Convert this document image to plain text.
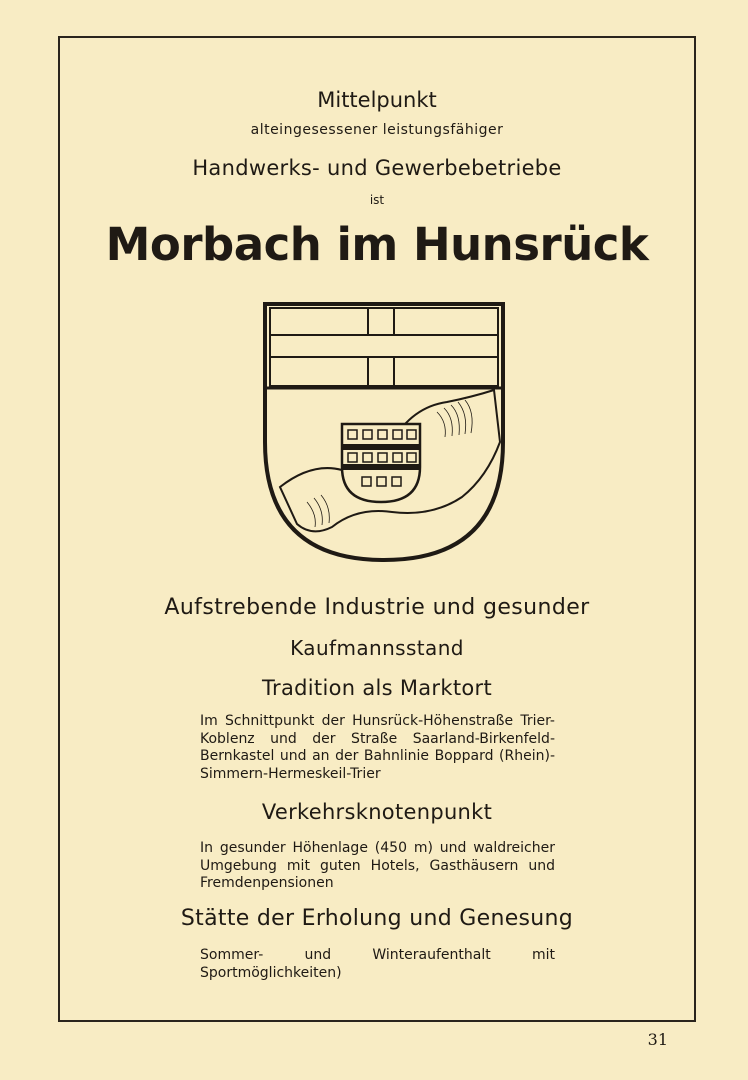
Mittelpunkt
alteingesessener leistungsfähiger
Handwerks- und Gewerbebetriebe
ist
Morbach im Hunsrück
Aufstrebende Industrie und gesunder
Kaufmannsstand
Tradition als Marktort
Im Schnittpunkt der Hunsrück-Höhenstraße Trier-Koblenz und der Straße Saarland-Birkenfeld-Bernkastel und an der Bahnlinie Boppard (Rhein)-Simmern-Hermeskeil-Trier
Verkehrsknotenpunkt
In gesunder Höhenlage (450 m) und waldreicher Umgebung mit guten Hotels, Gasthäusern und Fremdenpensionen
Stätte der Erholung und Genesung
Sommer- und Winteraufenthalt mit Sportmöglichkeiten)
31
